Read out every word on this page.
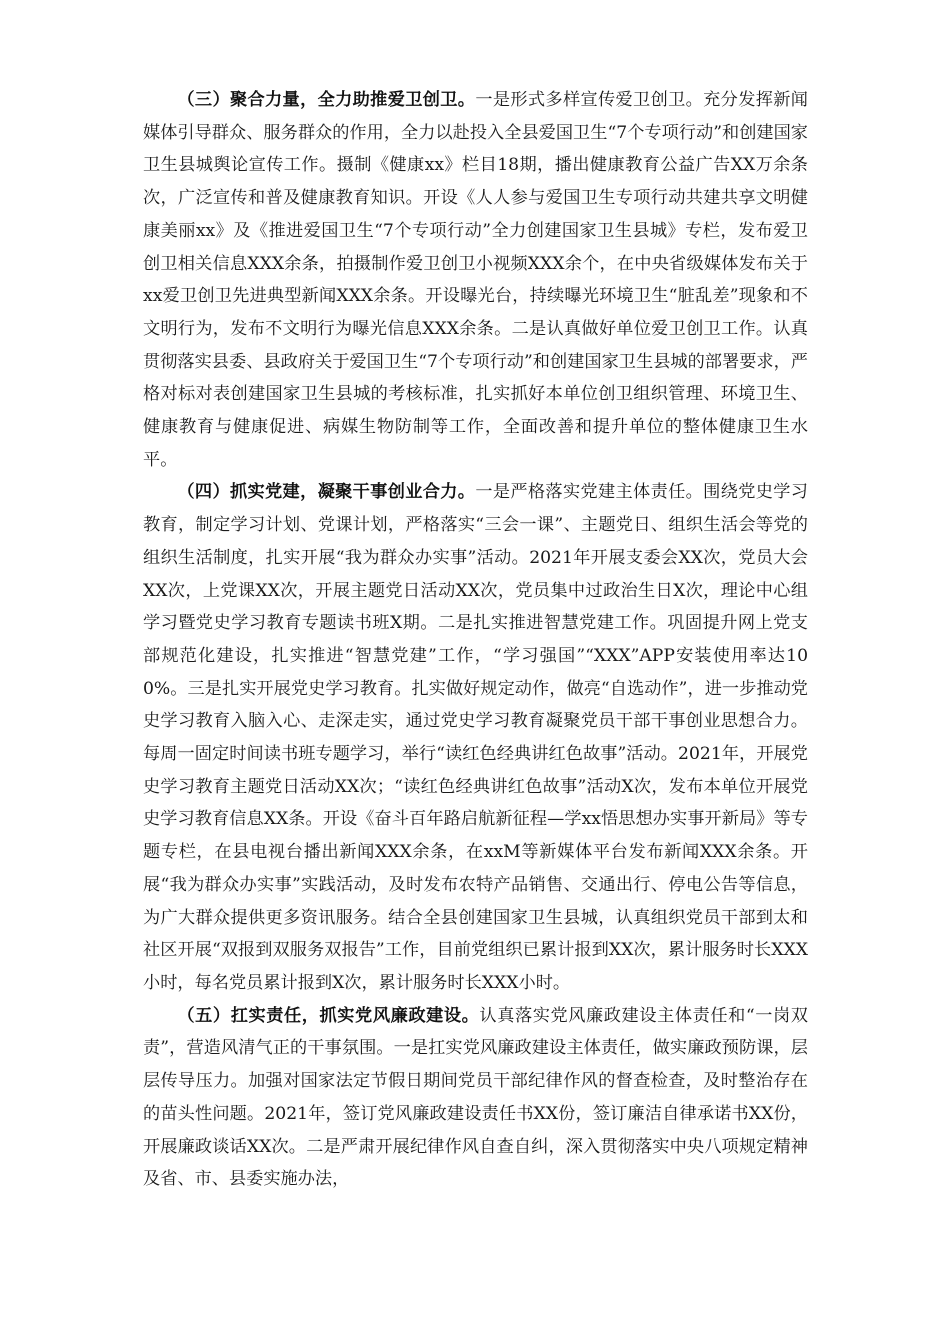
（三）聚合力量，全力助推爱卫创卫。一是形式多样宣传爱卫创卫。充分发挥新闻媒体引导群众、服务群众的作用，全力以赴投入全县爱国卫生“7个专项行动”和创建国家卫生县城舆论宣传工作。摄制《健康xx》栏目18期，播出健康教育公益广告XX万余条次，广泛宣传和普及健康教育知识。开设《人人参与爱国卫生专项行动共建共享文明健康美丽xx》及《推进爱国卫生“7个专项行动”全力创建国家卫生县城》专栏，发布爱卫创卫相关信息XXX余条，拍摄制作爱卫创卫小视频XXX余个，在中央省级媒体发布关于xx爱卫创卫先进典型新闻XXX余条。开设曝光台，持续曝光环境卫生“脏乱差”现象和不文明行为，发布不文明行为曝光信息XXX余条。二是认真做好单位爱卫创卫工作。认真贯彻落实县委、县政府关于爱国卫生“7个专项行动”和创建国家卫生县城的部署要求，严格对标对表创建国家卫生县城的考核标准，扎实抓好本单位创卫组织管理、环境卫生、健康教育与健康促进、病媒生物防制等工作，全面改善和提升单位的整体健康卫生水平。

（四）抓实党建，凝聚干事创业合力。一是严格落实党建主体责任。围绕党史学习教育，制定学习计划、党课计划，严格落实“三会一课”、主题党日、组织生活会等党的组织生活制度，扎实开展“我为群众办实事”活动。2021年开展支委会XX次，党员大会XX次，上党课XX次，开展主题党日活动XX次，党员集中过政治生日X次，理论中心组学习暨党史学习教育专题读书班X期。二是扎实推进智慧党建工作。巩固提升网上党支部规范化建设，扎实推进“智慧党建”工作，“学习强国”“XXX”APP安装使用率达100%。三是扎实开展党史学习教育。扎实做好规定动作，做亮“自选动作”，进一步推动党史学习教育入脑入心、走深走实，通过党史学习教育凝聚党员干部干事创业思想合力。每周一固定时间读书班专题学习，举行“读红色经典讲红色故事”活动。2021年，开展党史学习教育主题党日活动XX次；“读红色经典讲红色故事”活动X次，发布本单位开展党史学习教育信息XX条。开设《奋斗百年路启航新征程—学xx悟思想办实事开新局》等专题专栏，在县电视台播出新闻XXX余条，在xxM等新媒体平台发布新闻XXX余条。开展“我为群众办实事”实践活动，及时发布农特产品销售、交通出行、停电公告等信息，为广大群众提供更多资讯服务。结合全县创建国家卫生县城，认真组织党员干部到太和社区开展“双报到双服务双报告”工作，目前党组织已累计报到XX次，累计服务时长XXX小时，每名党员累计报到X次，累计服务时长XXX小时。

（五）扛实责任，抓实党风廉政建设。认真落实党风廉政建设主体责任和“一岗双责”，营造风清气正的干事氛围。一是扛实党风廉政建设主体责任，做实廉政预防课，层层传导压力。加强对国家法定节假日期间党员干部纪律作风的督查检查，及时整治存在的苗头性问题。2021年，签订党风廉政建设责任书XX份，签订廉洁自律承诺书XX份，开展廉政谈话XX次。二是严肃开展纪律作风自查自纠，深入贯彻落实中央八项规定精神及省、市、县委实施办法，
